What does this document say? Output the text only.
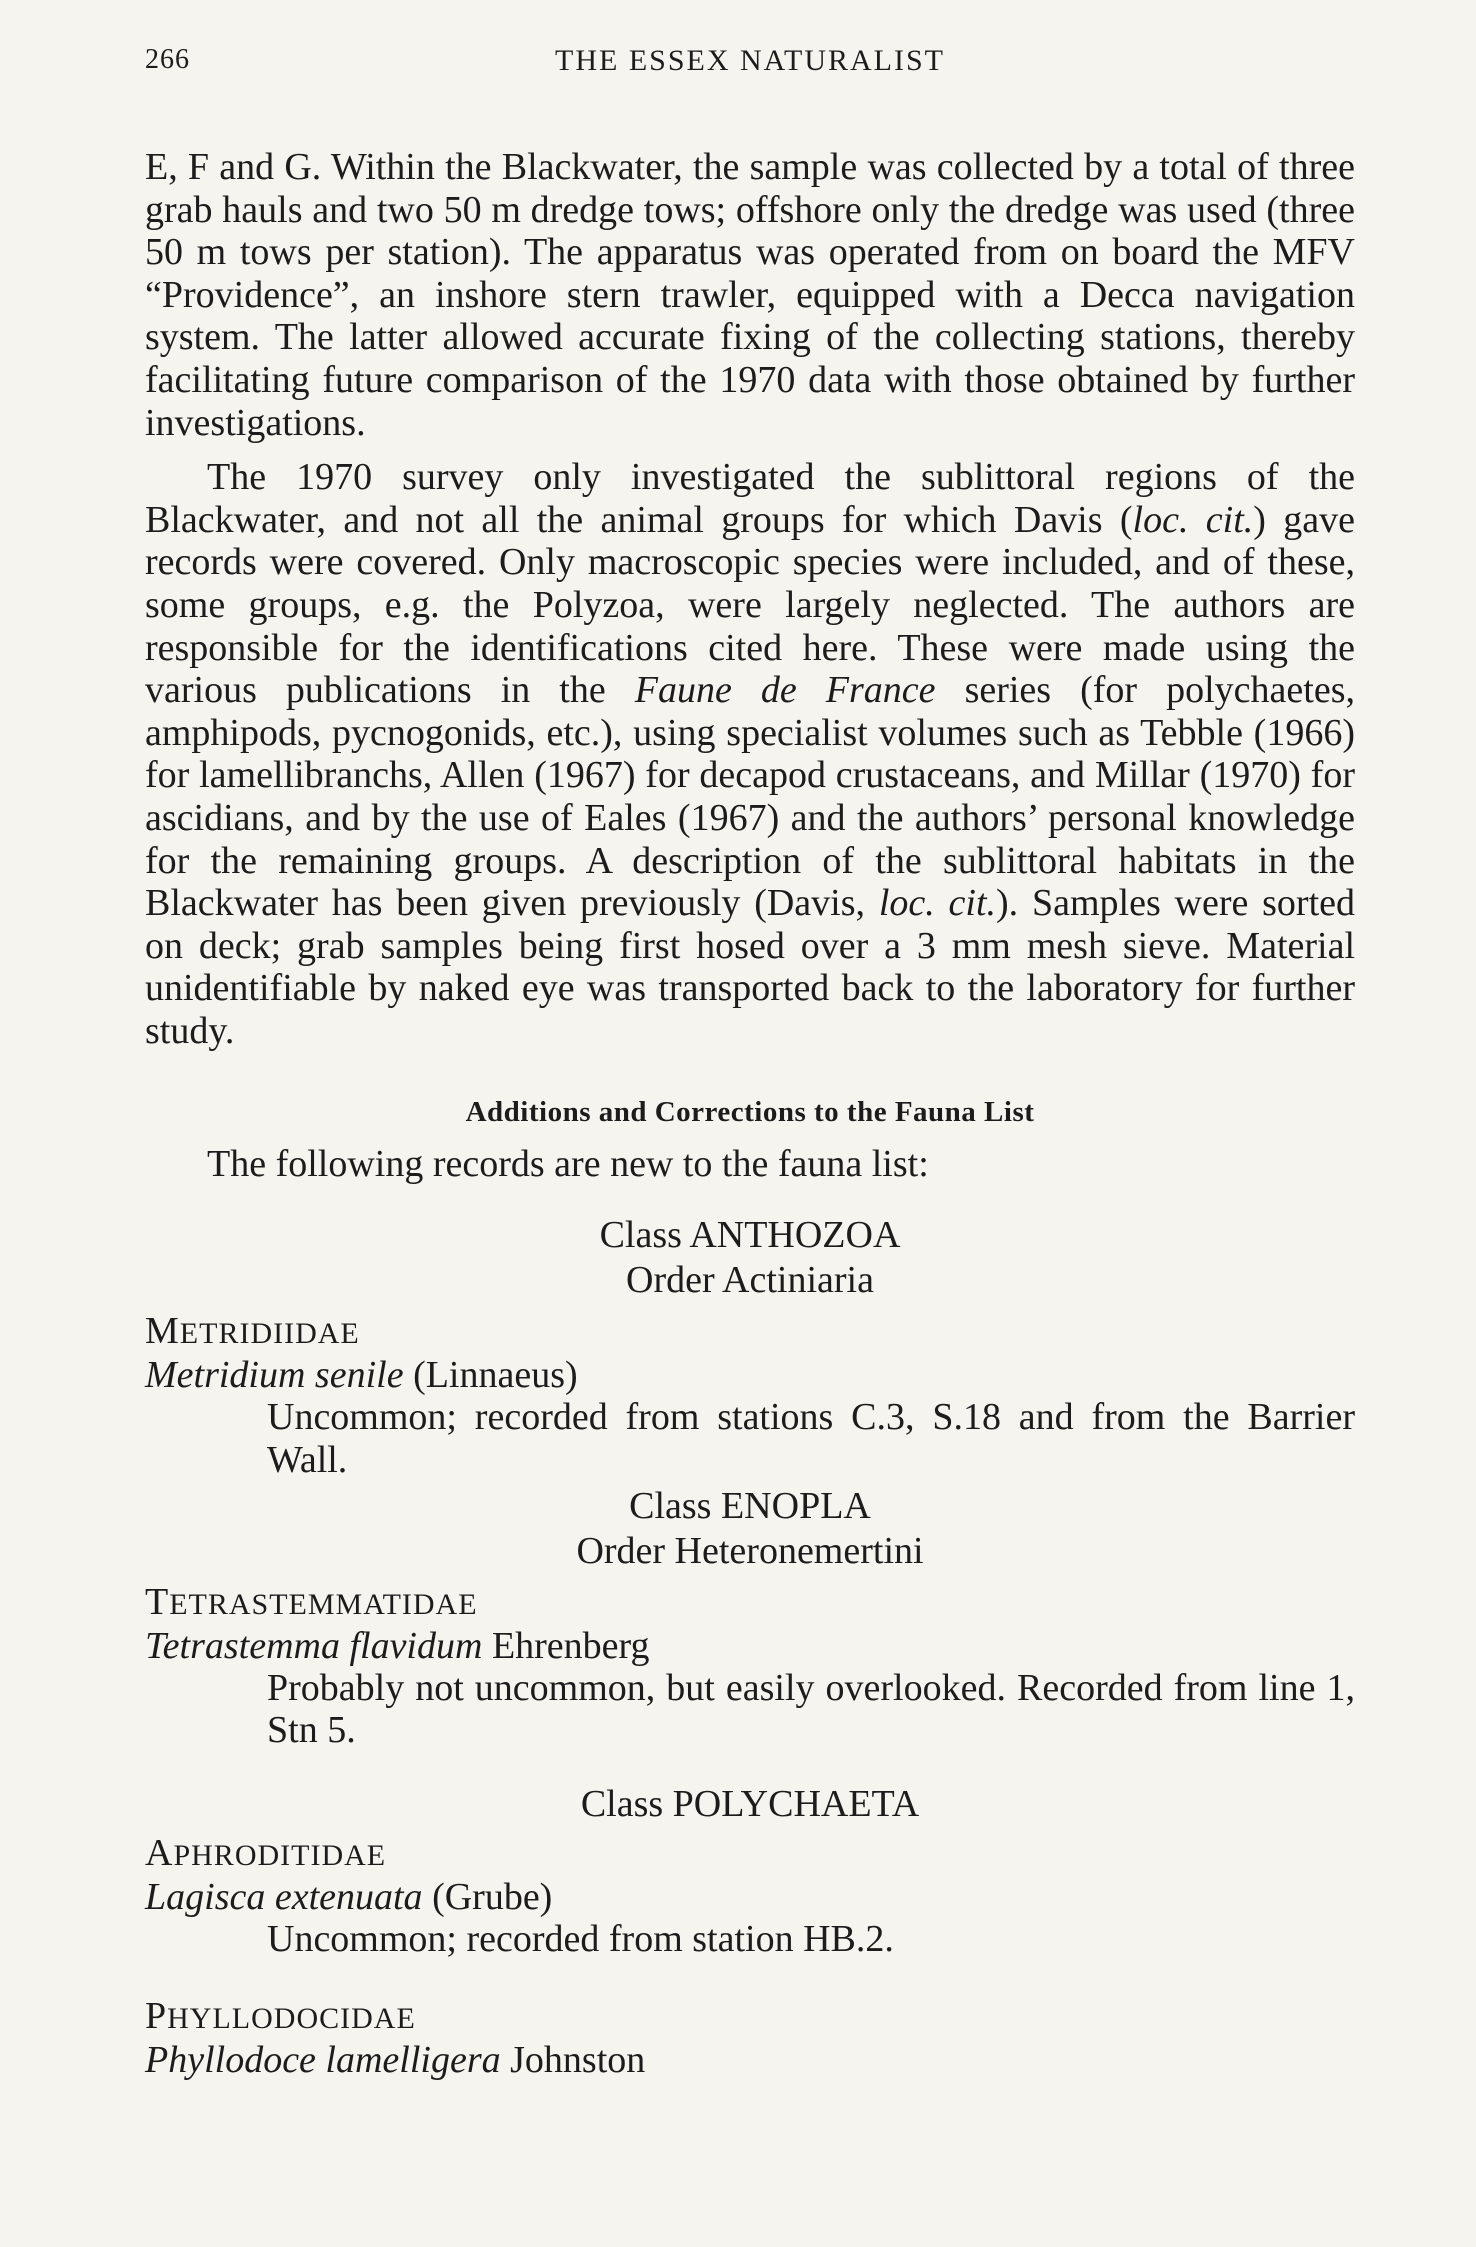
266	THE ESSEX NATURALIST

E, F and G. Within the Blackwater, the sample was collected by a total of three grab hauls and two 50 m dredge tows; offshore only the dredge was used (three 50 m tows per station). The apparatus was operated from on board the MFV “Providence”, an inshore stern trawler, equipped with a Decca navigation system. The latter allowed accurate fixing of the collecting stations, thereby facilitating future comparison of the 1970 data with those obtained by further investigations.

The 1970 survey only investigated the sublittoral regions of the Blackwater, and not all the animal groups for which Davis (loc. cit.) gave records were covered. Only macroscopic species were included, and of these, some groups, e.g. the Polyzoa, were largely neglected. The authors are responsible for the identifications cited here. These were made using the various publications in the Faune de France series (for polychaetes, amphipods, pycnogonids, etc.), using specialist volumes such as Tebble (1966) for lamellibranchs, Allen (1967) for decapod crustaceans, and Millar (1970) for ascidians, and by the use of Eales (1967) and the authors’ personal knowledge for the remaining groups. A description of the sublittoral habitats in the Blackwater has been given previously (Davis, loc. cit.). Samples were sorted on deck; grab samples being first hosed over a 3 mm mesh sieve. Material unidentifiable by naked eye was transported back to the laboratory for further study.

Additions and Corrections to the Fauna List
The following records are new to the fauna list:
Class ANTHOZOA
Order Actiniaria
METRIDIIDAE
Metridium senile (Linnaeus)
Uncommon; recorded from stations C.3, S.18 and from the Barrier Wall.
Class ENOPLA
Order Heteronemertini
TETRASTEMMATIDAE
Tetrastemma flavidum Ehrenberg
Probably not uncommon, but easily overlooked. Recorded from line 1, Stn 5.
Class POLYCHAETA
APHRODITIDAE
Lagisca extenuata (Grube)
Uncommon; recorded from station HB.2.
PHYLLODOCIDAE
Phyllodoce lamelligera Johnston
